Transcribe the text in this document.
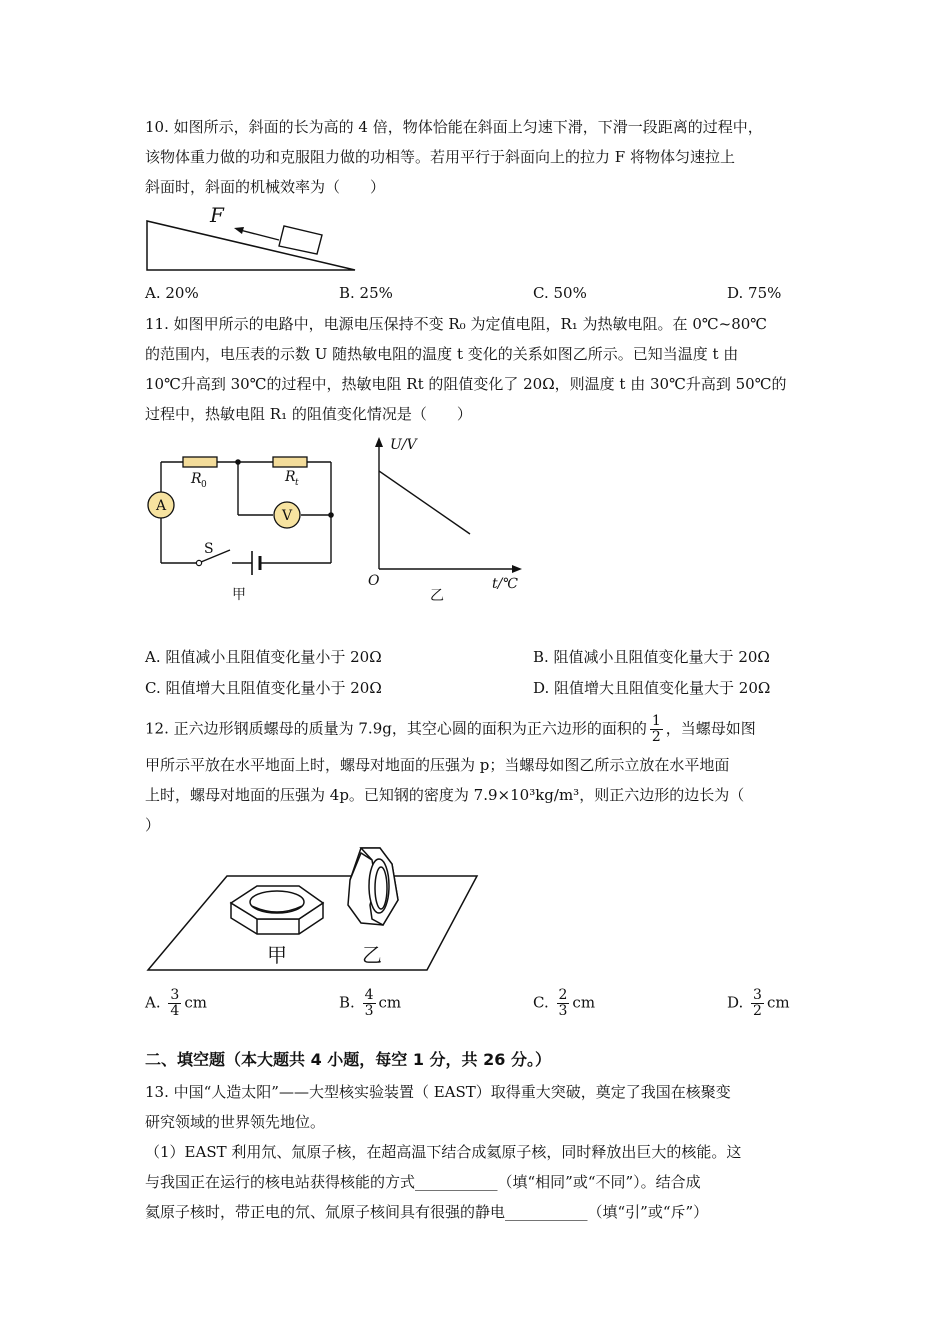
10. 如图所示，斜面的长为高的 4 倍，物体恰能在斜面上匀速下滑，下滑一段距离的过程中，
该物体重力做的功和克服阻力做的功相等。若用平行于斜面向上的拉力 F 将物体匀速拉上
斜面时，斜面的机械效率为（　　）
F
A. 20%	B. 25%	C. 50%	D. 75%
11. 如图甲所示的电路中，电源电压保持不变 R₀ 为定值电阻，R₁ 为热敏电阻。在 0℃~80℃
的范围内，电压表的示数 U 随热敏电阻的温度 t 变化的关系如图乙所示。已知当温度 t 由
10℃升高到 30℃的过程中，热敏电阻 Rt 的阻值变化了 20Ω，则温度 t 由 30℃升高到 50℃的
过程中，热敏电阻 R₁ 的阻值变化情况是（　　）
A
V
R 0	R t
S
甲
U/V
t/℃
O
乙
A. 阻值减小且阻值变化量小于 20Ω	B. 阻值减小且阻值变化量大于 20Ω
C. 阻值增大且阻值变化量小于 20Ω	D. 阻值增大且阻值变化量大于 20Ω
12. 正六边形钢质螺母的质量为 7.9g，其空心圆的面积为正六边形的面积的 $\frac{1}{2}$ ，当螺母如图
甲所示平放在水平地面上时，螺母对地面的压强为 p；当螺母如图乙所示立放在水平地面
上时，螺母对地面的压强为 4p。已知钢的密度为 7.9×10³kg/m³，则正六边形的边长为（
）
甲	乙
A. $\frac{3}{4}$ cm	B. $\frac{4}{3}$ cm	C. $\frac{2}{3}$ cm	D. $\frac{3}{2}$ cm
二、填空题（本大题共 4 小题，每空 1 分，共 26 分。）
13. 中国“人造太阳”——大型核实验装置（ EAST）取得重大突破，奠定了我国在核聚变
研究领域的世界领先地位。
（1）EAST 利用氘、氚原子核，在超高温下结合成氦原子核，同时释放出巨大的核能。这
与我国正在运行的核电站获得核能的方式___________（填“相同”或“不同”）。结合成
氦原子核时，带正电的氘、氚原子核间具有很强的静电___________（填“引”或“斥”）
